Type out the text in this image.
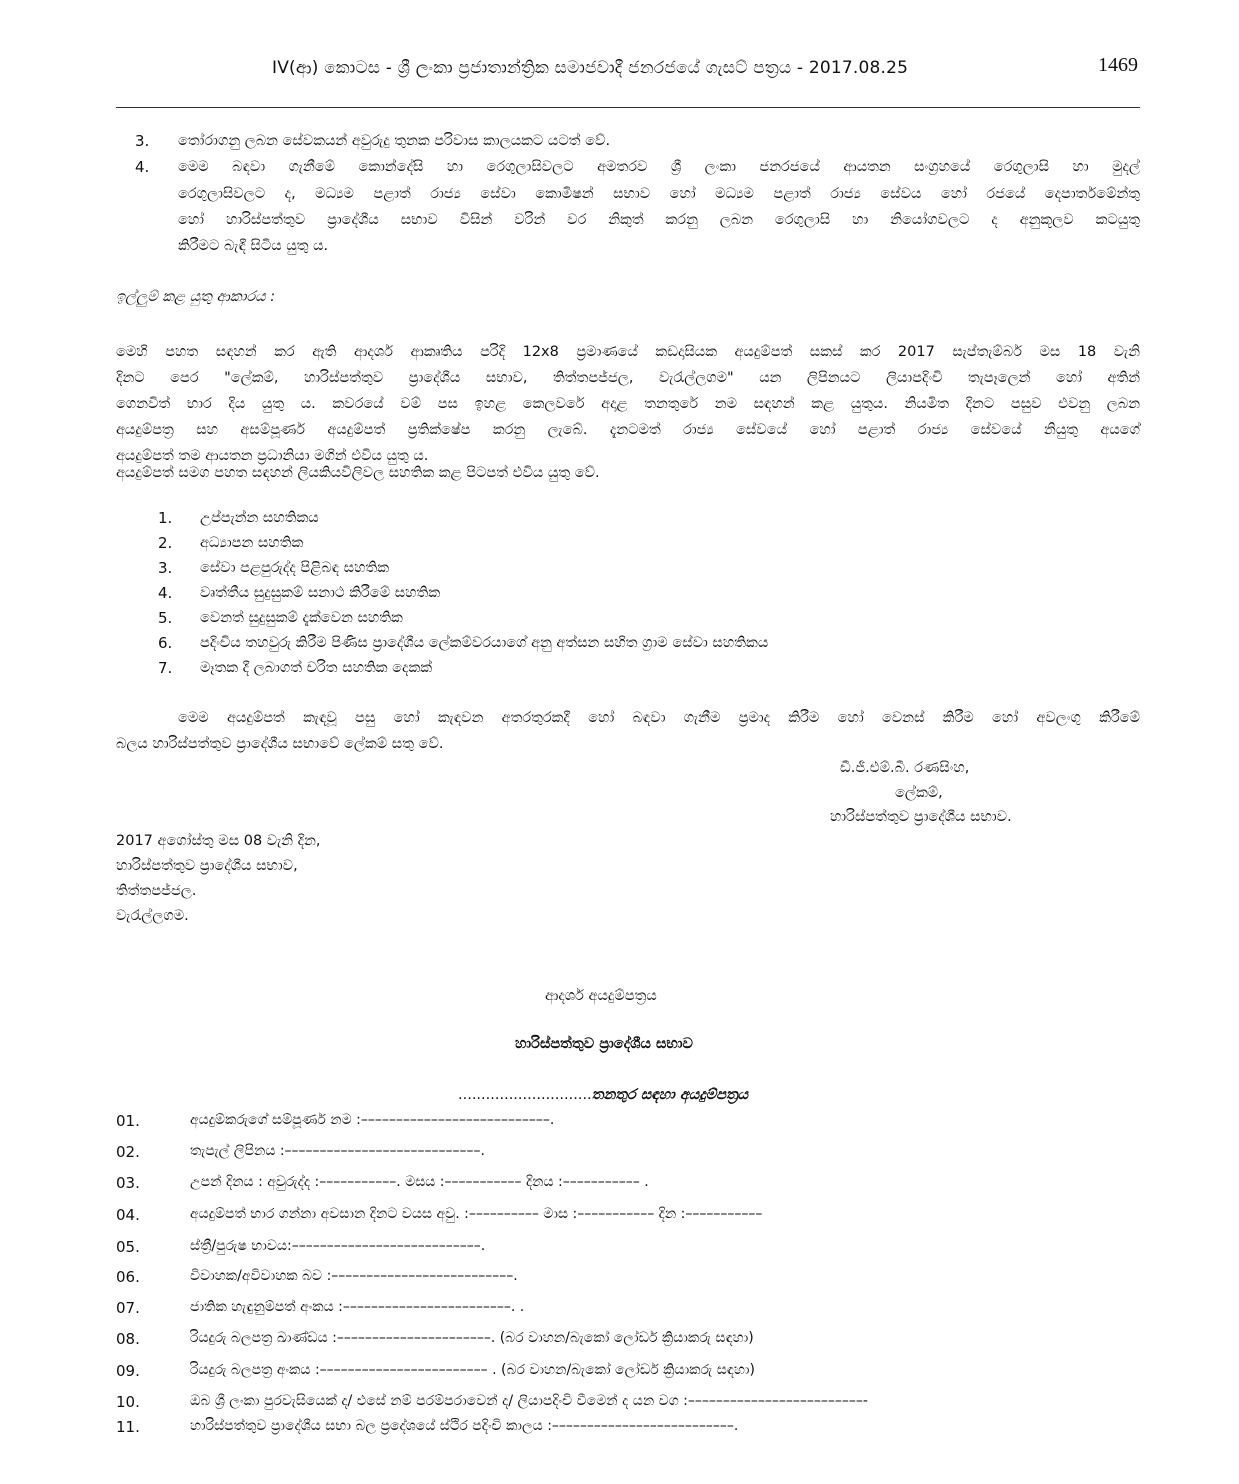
IV(ආ) කොටස - ශ්‍රී ලංකා ප්‍රජාතාන්ත්‍රික සමාජවාදී ජනරජයේ ගැසට් පත්‍රය - 2017.08.25	1469
3. තෝරාගනු ලබන සේවකයන් අවුරුදු තුනක පරිවාස කාලයකට යටත් වේ.
4. මෙම බඳවා ගැනීමේ කොන්දේසි හා රෙගුලාසිවලට අමතරව ශ්‍රී ලංකා ජනරජයේ ආයතන සංග්‍රහයේ රෙගුලාසි හා මුදල්
රෙගුලාසිවලට ද, මධ්‍යම පළාත් රාජ්‍ය සේවා කොමිෂන් සභාව හෝ මධ්‍යම පළාත් රාජ්‍ය සේවය හෝ රජයේ දෙපාර්තමේන්තු
හෝ හාරිස්පත්තුව ප්‍රාදේශීය සභාව විසින් වරින් වර නිකුත් කරනු ලබන රෙගුලාසි හා නියෝගවලට ද අනුකූලව කටයුතු
කිරීමට බැඳී සිටිය යුතු ය.
ඉල්ලුම් කළ යුතු ආකාරය :
මෙහි පහත සඳහන් කර ඇති ආදර්ශ ආකෘතිය පරිදි 12x8 ප්‍රමාණයේ කඩදාසියක අයදුම්පත් සකස් කර 2017 සැප්තැම්බර් මස 18 වැනි
දිනට පෙර "ලේකම්, හාරිස්පත්තුව ප්‍රාදේශීය සභාව, තිත්තපජ්ජල, වැරැල්ලගම" යන ලිපිනයට ලියාපදිංචි තැපෑලෙන් හෝ අතින්
ගෙනවිත් භාර දිය යුතු ය. කවරයේ වම් පස ඉහළ කෙලවරේ අදාළ තනතුරේ නම සඳහන් කළ යුතුය. නියමිත දිනට පසුව එවනු ලබන
අයදුම්පත්‍ර සහ අසම්පූර්ණ අයදුම්පත් ප්‍රතික්ෂේප කරනු ලැබේ. දැනටමත් රාජ්‍ය සේවයේ හෝ පළාත් රාජ්‍ය සේවයේ නියුතු අයගේ
අයදුම්පත් තම ආයතන ප්‍රධානියා මගින් එවිය යුතු ය.
අයදුම්පත් සමග පහත සඳහන් ලියකියවිලිවල සහතික කළ පිටපත් එවිය යුතු වේ.
1. උප්පැන්න සහතිකය
2. අධ්‍යාපන සහතික
3. සේවා පළපුරුද්ද පිළිබඳ සහතික
4. වෘත්තීය සුදුසුකම් සනාථ කිරීමේ සහතික
5. වෙනත් සුදුසුකම් දැක්වෙන සහතික
6. පදිංචිය තහවුරු කිරීම පිණිස ප්‍රාදේශීය ලේකම්වරයාගේ අනු අත්සන සහිත ග්‍රාම සේවා සහතිකය
7. මෑතක දී ලබාගත් චරිත සහතික දෙකක්
මෙම අයදුම්පත් කැඳවූ පසු හෝ කැඳවන අතරතුරකදී හෝ බඳවා ගැනීම ප්‍රමාද කිරීම හෝ වෙනස් කිරීම හෝ අවලංගු කිරීමේ
බලය හාරිස්පත්තුව ප්‍රාදේශීය සභාවේ ලේකම් සතු වේ.
ඩී.ජී.එම්.බී. රණසිංහ,
ලේකම්,
හාරිස්පත්තුව ප්‍රාදේශීය සභාව.
2017 අගෝස්තු මස 08 වැනි දින,
හාරිස්පත්තුව ප්‍රාදේශීය සභාව,
තිත්තපජ්ජල.
වැරැල්ලගම.
ආදර්ශ අයදුම්පත්‍රය
හාරිස්පත්තුව ප්‍රාදේශීය සභාව
.............................තනතුර සඳහා අයදුම්පත්‍රය
01.	අයදුම්කරුගේ සම්පූර්ණ නම :–––––––––––––––––––––––––––.
02.	තැපැල් ලිපිනය :––––––––––––––––––––––––––––.
03.	උපන් දිනය : අවුරුද්ද :–––––––––––. මසය :––––––––––– දිනය :––––––––––– .
04.	අයදුම්පත් භාර ගන්නා අවසාන දිනට වයස අවු. :–––––––––– මාස :––––––––––– දින :–––––––––––
05.	ස්ත්‍රී/පුරුෂ භාවය:–––––––––––––––––––––––––––.
06.	විවාහක/අවිවාහක බව :––––––––––––––––––––––––––.
07.	ජාතික හැඳුනුම්පත් අංකය :––––––––––––––––––––––––. .
08.	රියදුරු බලපත්‍ර ඛාණ්ඩය :––––––––––––––––––––––. (බර වාහන/බැකෝ ලෝඩර් ක්‍රියාකරු සඳහා)
09.	රියදුරු බලපත්‍ර අංකය :–––––––––––––––––––––––– . (බර වාහන/බැකෝ ලෝඩර් ක්‍රියාකරු සඳහා)
10.	ඔබ ශ්‍රී ලංකා පුරවැසියෙක් ද/ එසේ නම් පරම්පරාවෙන් ද/ ලියාපදිංචි වීමෙන් ද යන වග :–––––––––––––––––––––––––-
11.	හාරිස්පත්තුව ප්‍රාදේශීය සභා බල ප්‍රදේශයේ ස්ථිර පදිංචි කාලය :––––––––––––––––––––––––––.
